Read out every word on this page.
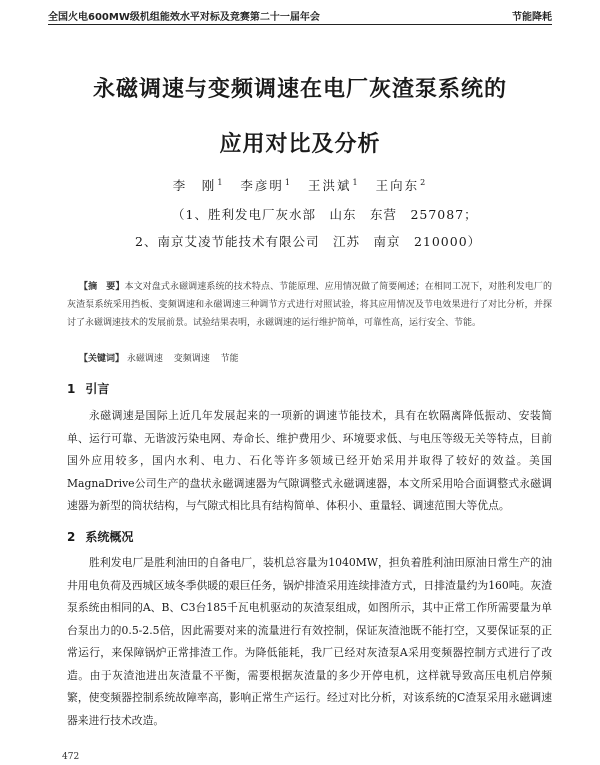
全国火电600MW级机组能效水平对标及竞赛第二十一届年会	节能降耗
永磁调速与变频调速在电厂灰渣泵系统的
应用对比及分析
李　刚$^1$ 李彦明$^1$ 王洪斌$^1$ 王向东$^2$
（1、胜利发电厂灰水部　山东　东营　257087；
2、南京艾凌节能技术有限公司　江苏　南京　210000）
【摘　要】本文对盘式永磁调速系统的技术特点、节能原理、应用情况做了简要阐述；在相同工况下，对胜利发电厂的灰渣泵系统采用挡板、变频调速和永磁调速三种调节方式进行对照试验，将其应用情况及节电效果进行了对比分析，并探讨了永磁调速技术的发展前景。试验结果表明，永磁调速的运行维护简单，可靠性高，运行安全、节能。
【关键词】 永磁调速 变频调速 节能
1 引言
永磁调速是国际上近几年发展起来的一项新的调速节能技术，具有在软隔离降低振动、安装简单、运行可靠、无谐波污染电网、寿命长、维护费用少、环境要求低、与电压等级无关等特点，目前国外应用较多，国内水利、电力、石化等许多领域已经开始采用并取得了较好的效益。美国MagnaDrive公司生产的盘状永磁调速器为气隙调整式永磁调速器，本文所采用哈合面调整式永磁调速器为新型的筒状结构，与气隙式相比具有结构简单、体积小、重量轻、调速范围大等优点。
2 系统概况
胜利发电厂是胜利油田的自备电厂，装机总容量为1040MW，担负着胜利油田原油日常生产的油井用电负荷及西城区域冬季供暖的艰巨任务，锅炉排渣采用连续排渣方式，日排渣量约为160吨。灰渣泵系统由相同的A、B、C3台185千瓦电机驱动的灰渣泵组成，如图所示，其中正常工作所需要量为单台泵出力的0.5-2.5倍，因此需要对来的流量进行有效控制，保证灰渣池既不能打空，又要保证泵的正常运行，来保障锅炉正常排渣工作。为降低能耗，我厂已经对灰渣泵A采用变频器控制方式进行了改造。由于灰渣池进出灰渣量不平衡，需要根据灰渣量的多少开停电机，这样就导致高压电机启停频繁，使变频器控制系统故障率高，影响正常生产运行。经过对比分析，对该系统的C渣泵采用永磁调速器来进行技术改造。
472
